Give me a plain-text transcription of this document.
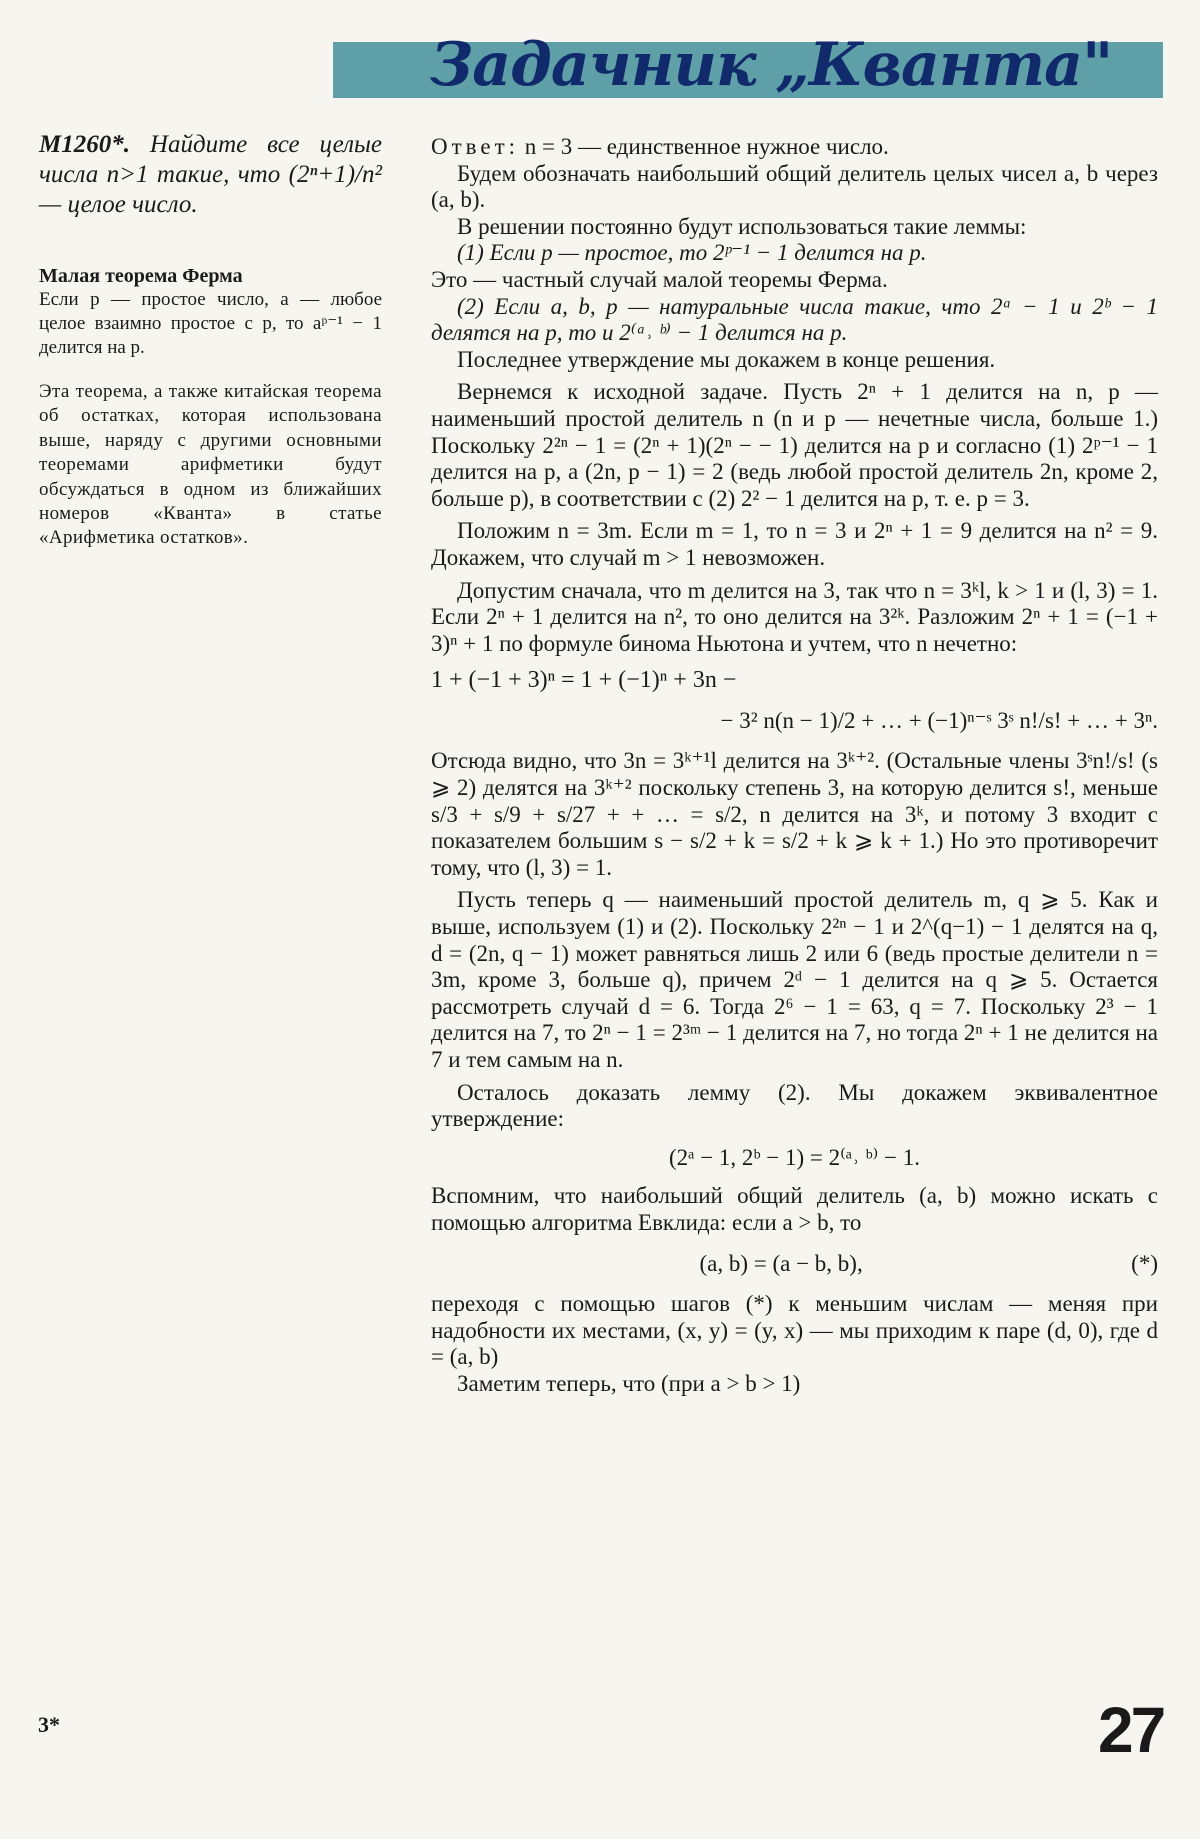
Задачник „Кванта"

M1260*. Найдите все целые числа n>1 такие, что (2ⁿ+1)/n² — целое число.

Малая теорема Ферма

Если p — простое число, a — любое целое взаимно простое с p, то aᵖ⁻¹ − 1 делится на p.

Эта теорема, а также китайская теорема об остатках, которая использована выше, наряду с другими основными теоремами арифметики будут обсуждаться в одном из ближайших номеров «Кванта» в статье «Арифметика остатков».

Ответ: n = 3 — единственное нужное число.

Будем обозначать наибольший общий делитель целых чисел a, b через (a, b).

В решении постоянно будут использоваться такие леммы:

(1) Если p — простое, то 2ᵖ⁻¹ − 1 делится на p.

Это — частный случай малой теоремы Ферма.

(2) Если a, b, p — натуральные числа такие, что 2ᵃ − 1 и 2ᵇ − 1 делятся на p, то и 2⁽ᵃ˒ ᵇ⁾ − 1 делится на p.

Последнее утверждение мы докажем в конце решения.

Вернемся к исходной задаче. Пусть 2ⁿ + 1 делится на n, p — наименьший простой делитель n (n и p — нечетные числа, больше 1.) Поскольку 2²ⁿ − 1 = (2ⁿ + 1)(2ⁿ − − 1) делится на p и согласно (1) 2ᵖ⁻¹ − 1 делится на p, а (2n, p − 1) = 2 (ведь любой простой делитель 2n, кроме 2, больше p), в соответствии с (2) 2² − 1 делится на p, т. е. p = 3.

Положим n = 3m. Если m = 1, то n = 3 и 2ⁿ + 1 = 9 делится на n² = 9. Докажем, что случай m > 1 невозможен.

Допустим сначала, что m делится на 3, так что n = 3ᵏl, k > 1 и (l, 3) = 1. Если 2ⁿ + 1 делится на n², то оно делится на 3²ᵏ. Разложим 2ⁿ + 1 = (−1 + 3)ⁿ + 1 по формуле бинома Ньютона и учтем, что n нечетно:

1 + (−1 + 3)ⁿ = 1 + (−1)ⁿ + 3n −
− 3² n(n − 1)/2 + … + (−1)ⁿ⁻ˢ 3ˢ n!/s! + … + 3ⁿ.

Отсюда видно, что 3n = 3ᵏ⁺¹l делится на 3ᵏ⁺². (Остальные члены 3ˢn!/s! (s ⩾ 2) делятся на 3ᵏ⁺² поскольку степень 3, на которую делится s!, меньше s/3 + s/9 + s/27 + + … = s/2, n делится на 3ᵏ, и потому 3 входит с показателем большим s − s/2 + k = s/2 + k ⩾ k + 1.) Но это противоречит тому, что (l, 3) = 1.

Пусть теперь q — наименьший простой делитель m, q ⩾ 5. Как и выше, используем (1) и (2). Поскольку 2²ⁿ − 1 и 2^(q−1) − 1 делятся на q, d = (2n, q − 1) может равняться лишь 2 или 6 (ведь простые делители n = 3m, кроме 3, больше q), причем 2ᵈ − 1 делится на q ⩾ 5. Остается рассмотреть случай d = 6. Тогда 2⁶ − 1 = 63, q = 7. Поскольку 2³ − 1 делится на 7, то 2ⁿ − 1 = 2³ᵐ − 1 делится на 7, но тогда 2ⁿ + 1 не делится на 7 и тем самым на n.

Осталось доказать лемму (2). Мы докажем эквивалентное утверждение:

(2ᵃ − 1, 2ᵇ − 1) = 2⁽ᵃ˒ ᵇ⁾ − 1.

Вспомним, что наибольший общий делитель (a, b) можно искать с помощью алгоритма Евклида: если a > b, то

(a, b) = (a − b, b),	(*)

переходя с помощью шагов (*) к меньшим числам — меняя при надобности их местами, (x, y) = (y, x) — мы приходим к паре (d, 0), где d = (a, b)

Заметим теперь, что (при a > b > 1)

3*	27
